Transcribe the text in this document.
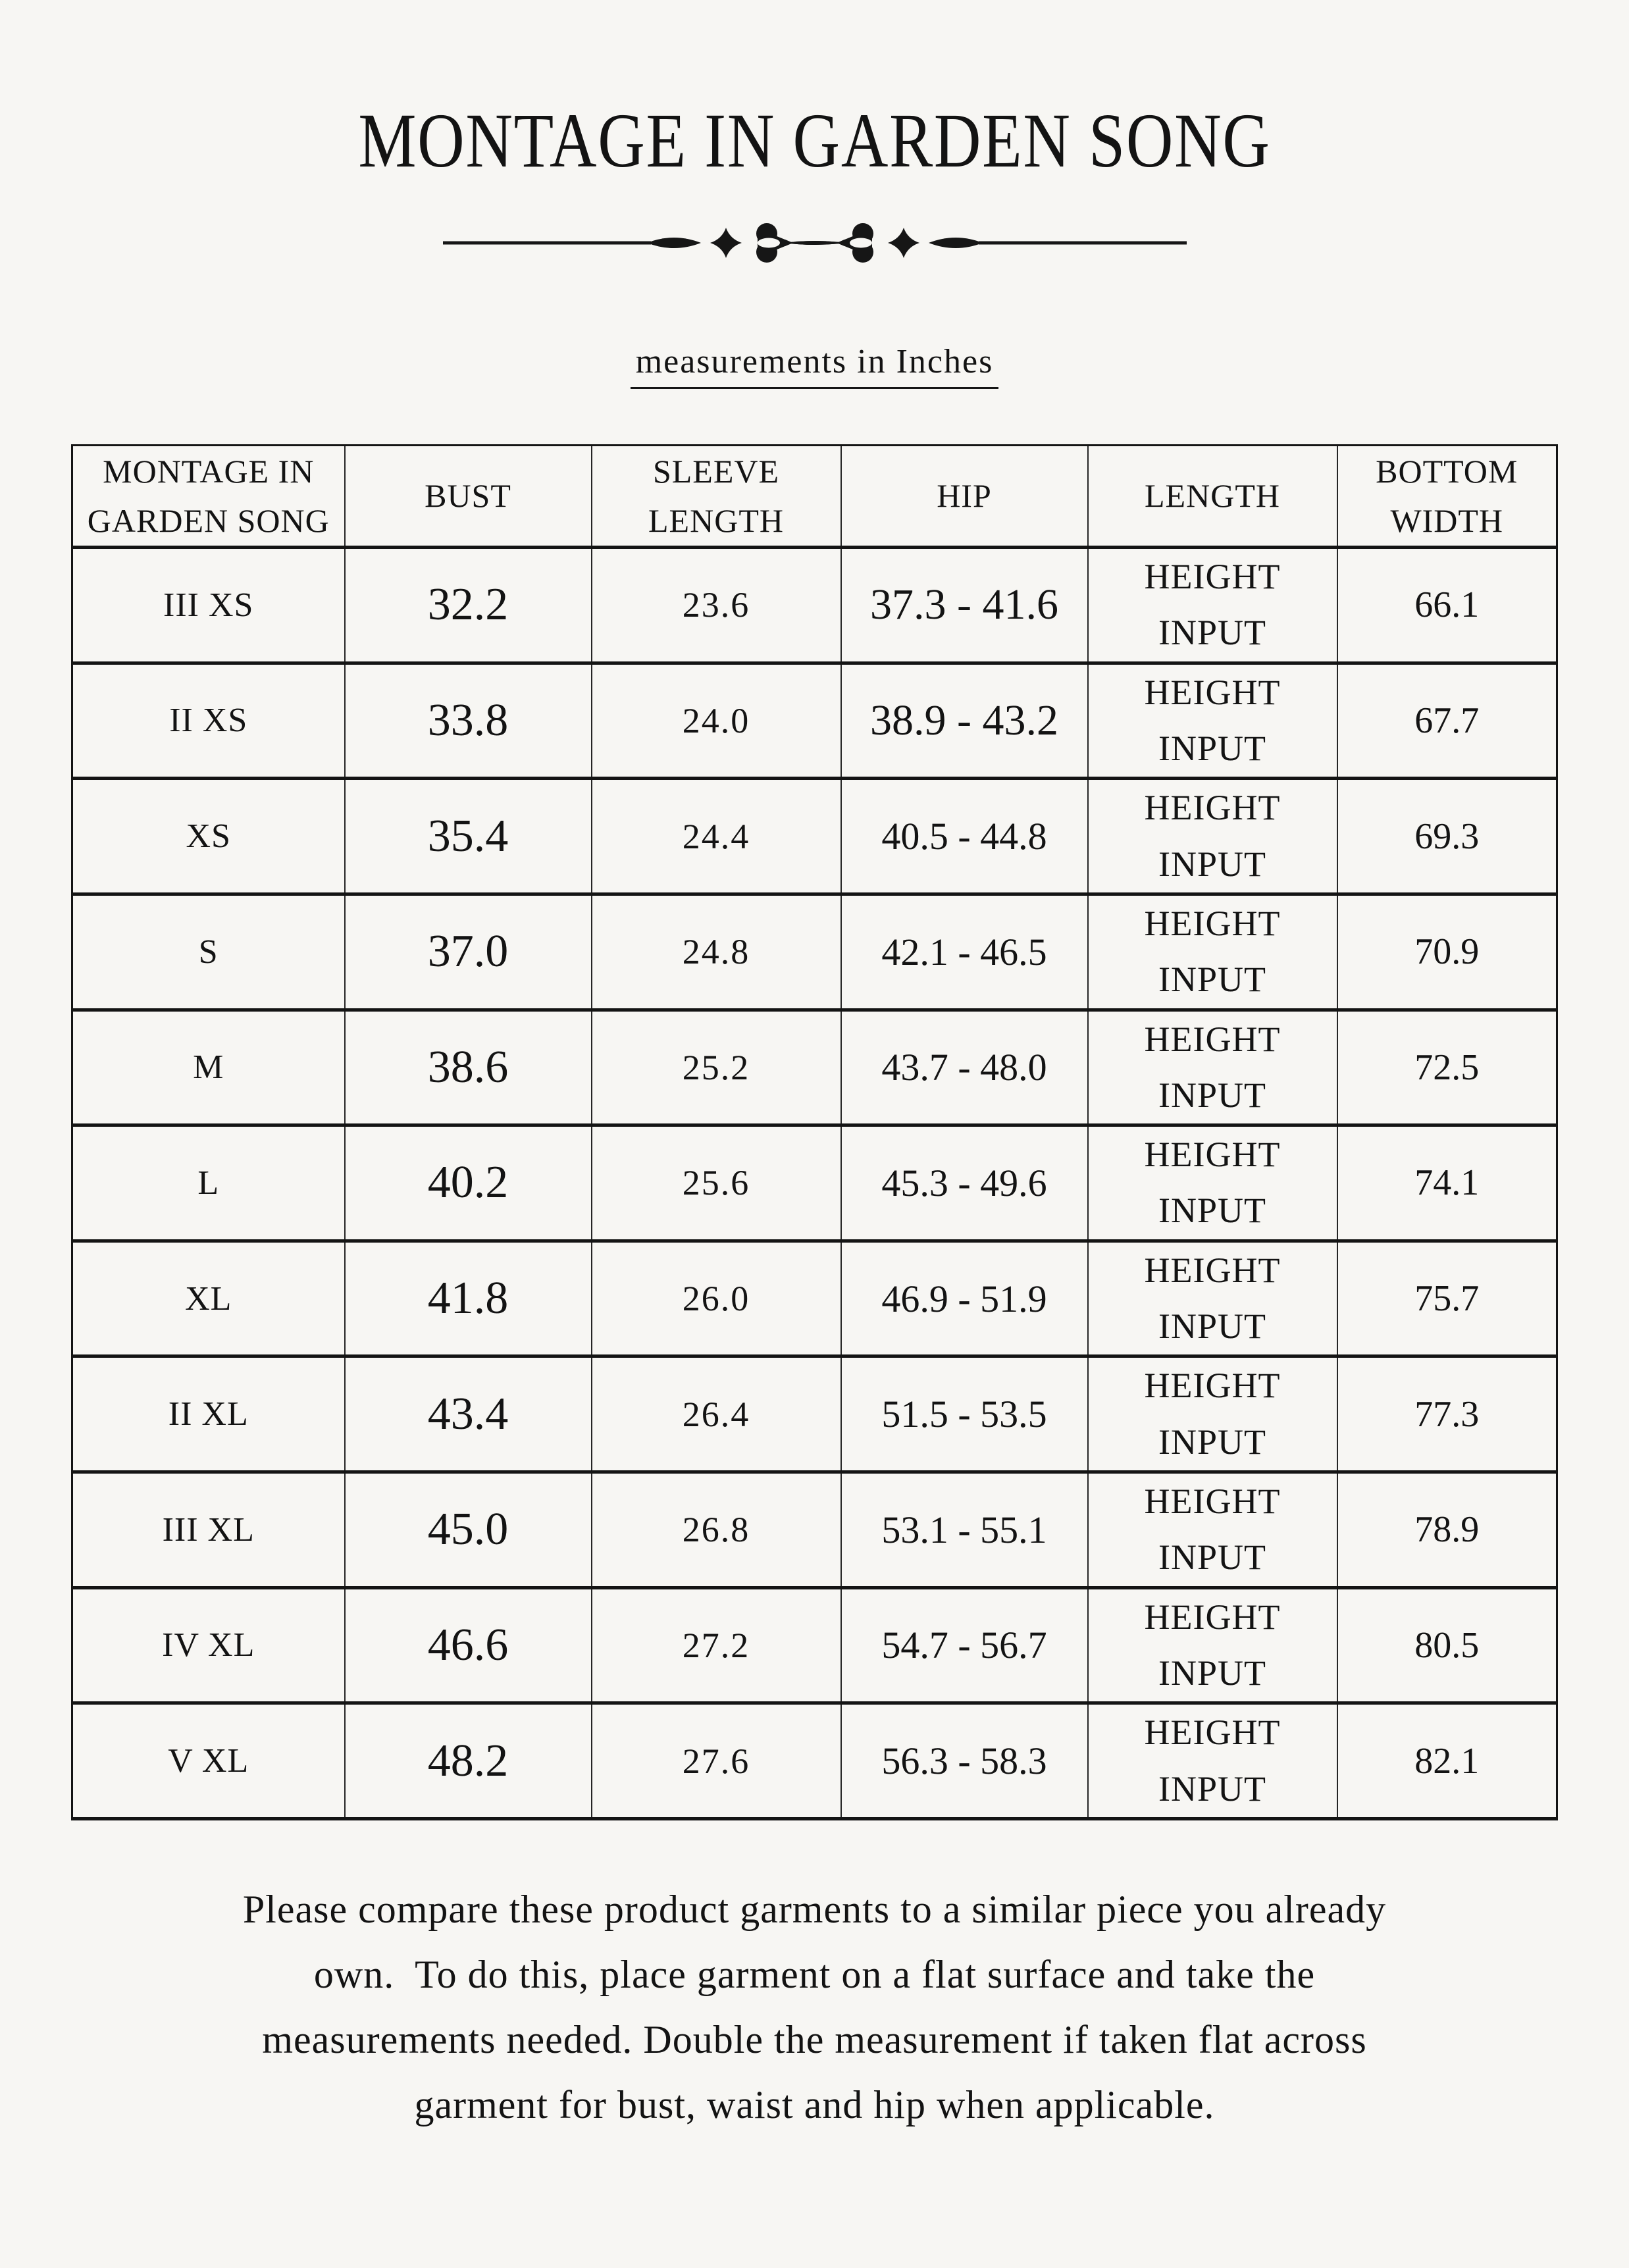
MONTAGE IN GARDEN SONG
measurements in Inches
MONTAGE IN GARDEN SONG	BUST	SLEEVE LENGTH	HIP	LENGTH	BOTTOM WIDTH
III XS	32.2	23.6	37.3 - 41.6	HEIGHT INPUT	66.1
II XS	33.8	24.0	38.9 - 43.2	HEIGHT INPUT	67.7
XS	35.4	24.4	40.5 - 44.8	HEIGHT INPUT	69.3
S	37.0	24.8	42.1 - 46.5	HEIGHT INPUT	70.9
M	38.6	25.2	43.7 - 48.0	HEIGHT INPUT	72.5
L	40.2	25.6	45.3 - 49.6	HEIGHT INPUT	74.1
XL	41.8	26.0	46.9 - 51.9	HEIGHT INPUT	75.7
II XL	43.4	26.4	51.5 - 53.5	HEIGHT INPUT	77.3
III XL	45.0	26.8	53.1 - 55.1	HEIGHT INPUT	78.9
IV XL	46.6	27.2	54.7 - 56.7	HEIGHT INPUT	80.5
V XL	48.2	27.6	56.3 - 58.3	HEIGHT INPUT	82.1
Please compare these product garments to a similar piece you already
own.  To do this, place garment on a flat surface and take the
measurements needed. Double the measurement if taken flat across
garment for bust, waist and hip when applicable.
